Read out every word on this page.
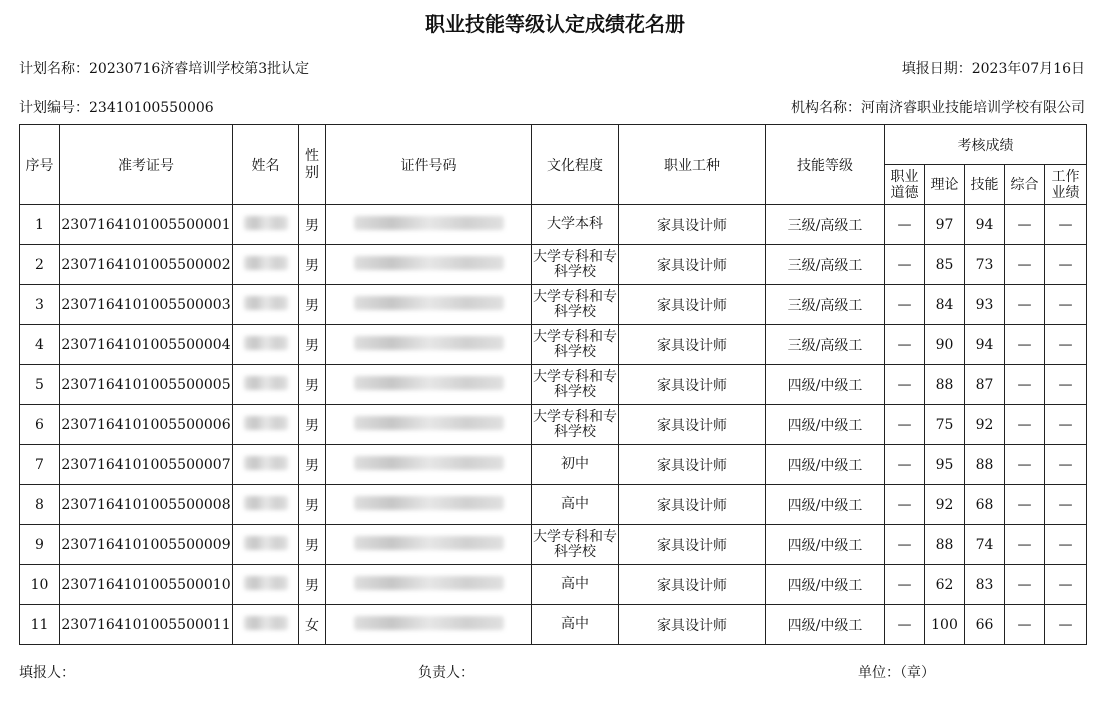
职业技能等级认定成绩花名册
计划名称：20230716济睿培训学校第3批认定	填报日期：2023年07月16日
计划编号：23410100550006	机构名称：河南济睿职业技能培训学校有限公司
序号	准考证号	姓名	性别	证件号码	文化程度	职业工种	技能等级	考核成绩				
								职业道德	理论	技能	综合	工作业绩
1	2307164101005500001		男		大学本科	家具设计师	三级/高级工	—	97	94	—	—
2	2307164101005500002		男		大学专科和专科学校	家具设计师	三级/高级工	—	85	73	—	—
3	2307164101005500003		男		大学专科和专科学校	家具设计师	三级/高级工	—	84	93	—	—
4	2307164101005500004		男		大学专科和专科学校	家具设计师	三级/高级工	—	90	94	—	—
5	2307164101005500005		男		大学专科和专科学校	家具设计师	四级/中级工	—	88	87	—	—
6	2307164101005500006		男		大学专科和专科学校	家具设计师	四级/中级工	—	75	92	—	—
7	2307164101005500007		男		初中	家具设计师	四级/中级工	—	95	88	—	—
8	2307164101005500008		男		高中	家具设计师	四级/中级工	—	92	68	—	—
9	2307164101005500009		男		大学专科和专科学校	家具设计师	四级/中级工	—	88	74	—	—
10	2307164101005500010		男		高中	家具设计师	四级/中级工	—	62	83	—	—
11	2307164101005500011		女		高中	家具设计师	四级/中级工	—	100	66	—	—
填报人：	负责人：	单位：（章）
